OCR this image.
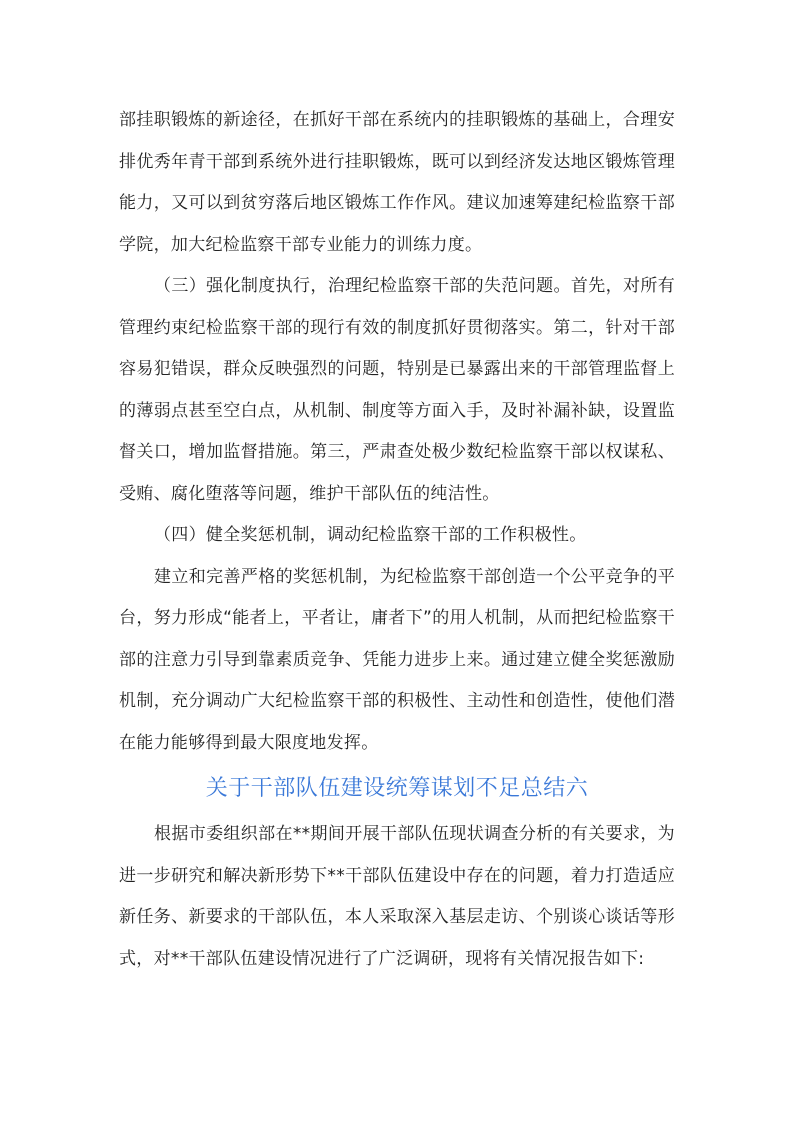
部挂职锻炼的新途径，在抓好干部在系统内的挂职锻炼的基础上，合理安排优秀年青干部到系统外进行挂职锻炼，既可以到经济发达地区锻炼管理能力，又可以到贫穷落后地区锻炼工作作风。建议加速筹建纪检监察干部学院，加大纪检监察干部专业能力的训练力度。

（三）强化制度执行，治理纪检监察干部的失范问题。首先，对所有管理约束纪检监察干部的现行有效的制度抓好贯彻落实。第二，针对干部容易犯错误，群众反映强烈的问题，特别是已暴露出来的干部管理监督上的薄弱点甚至空白点，从机制、制度等方面入手，及时补漏补缺，设置监督关口，增加监督措施。第三，严肃查处极少数纪检监察干部以权谋私、受贿、腐化堕落等问题，维护干部队伍的纯洁性。

（四）健全奖惩机制，调动纪检监察干部的工作积极性。

建立和完善严格的奖惩机制，为纪检监察干部创造一个公平竞争的平台，努力形成“能者上，平者让，庸者下”的用人机制，从而把纪检监察干部的注意力引导到靠素质竞争、凭能力进步上来。通过建立健全奖惩激励机制，充分调动广大纪检监察干部的积极性、主动性和创造性，使他们潜在能力能够得到最大限度地发挥。

关于干部队伍建设统筹谋划不足总结六

根据市委组织部在**期间开展干部队伍现状调查分析的有关要求，为进一步研究和解决新形势下**干部队伍建设中存在的问题，着力打造适应新任务、新要求的干部队伍，本人采取深入基层走访、个别谈心谈话等形式，对**干部队伍建设情况进行了广泛调研，现将有关情况报告如下:
